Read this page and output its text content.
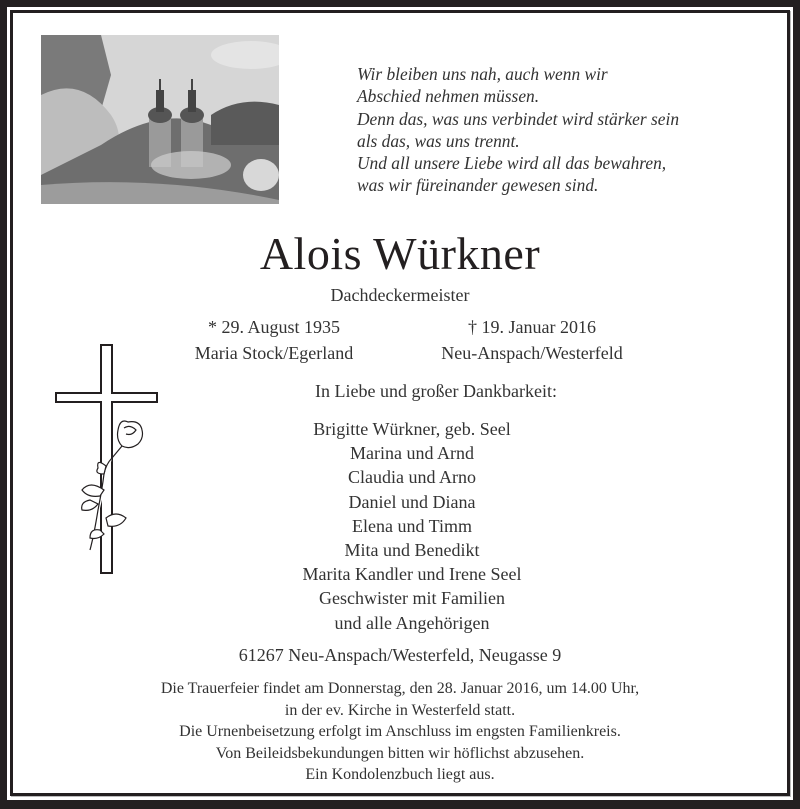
Wir bleiben uns nah, auch wenn wir
Abschied nehmen müssen.
Denn das, was uns verbindet wird stärker sein
als das, was uns trennt.
Und all unsere Liebe wird all das bewahren,
was wir füreinander gewesen sind.
Alois Würkner
Dachdeckermeister
* 29. August 1935
Maria Stock/Egerland
† 19. Januar 2016
Neu-Anspach/Westerfeld
In Liebe und großer Dankbarkeit:
Brigitte Würkner, geb. Seel
Marina und Arnd
Claudia und Arno
Daniel und Diana
Elena und Timm
Mita und Benedikt
Marita Kandler und Irene Seel
Geschwister mit Familien
und alle Angehörigen
61267 Neu-Anspach/Westerfeld, Neugasse 9
Die Trauerfeier findet am Donnerstag, den 28. Januar 2016, um 14.00 Uhr,
in der ev. Kirche in Westerfeld statt.
Die Urnenbeisetzung erfolgt im Anschluss im engsten Familienkreis.
Von Beileidsbekundungen bitten wir höflichst abzusehen.
Ein Kondolenzbuch liegt aus.
